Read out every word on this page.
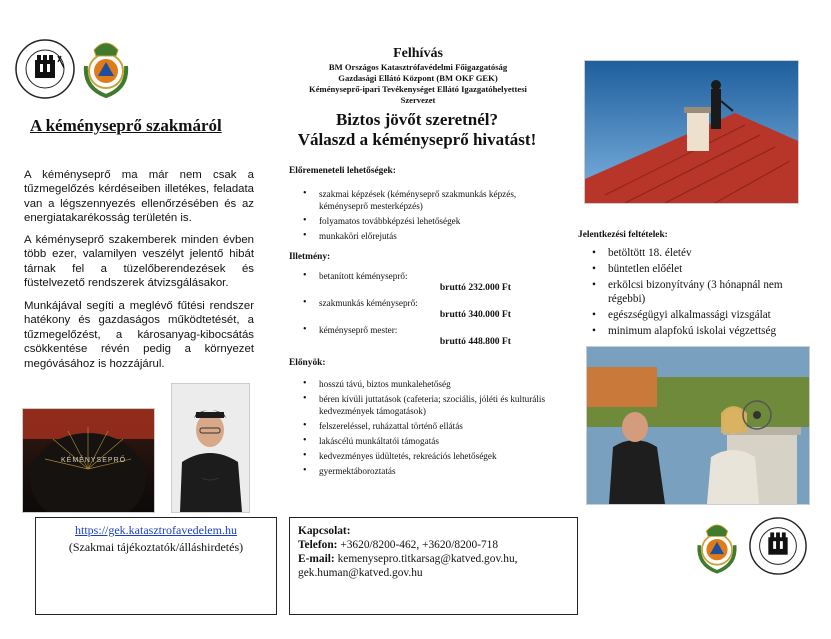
A kéményseprő szakmáról
A kéményseprő ma már nem csak a tűzmegelőzés kérdéseiben illetékes, feladata van a légszennyezés ellenőrzésében és az energiatakarékosság területén is.
A kéményseprő szakemberek minden évben több ezer, valamilyen veszélyt jelentő hibát tárnak fel a tüzelőberendezések és füstelvezető rendszerek átvizsgálásakor.
Munkájával segíti a meglévő fűtési rendszer hatékony és gazdaságos működtetését, a tűzmegelőzést, a károsanyag-kibocsátás csökkentése révén pedig a környezet megóvásához is hozzájárul.
KÉMÉNYSEPRŐ
https://gek.katasztrofavedelem.hu
(Szakmai tájékoztatók/álláshirdetés)
Felhívás
BM Országos Katasztrófavédelmi Főigazgatóság
Gazdasági Ellátó Központ (BM OKF GEK)
Kéményseprő-ipari Tevékenységet Ellátó Igazgatóhelyettesi
Szervezet
Biztos jövőt szeretnél?
Válaszd a kéményseprő hivatást!
Előremeneteli lehetőségek:
• szakmai képzések (kéményseprő szakmunkás képzés, kéményseprő mesterképzés)
• folyamatos továbbképzési lehetőségek
• munkaköri előrejutás
Illetmény:
• betanított kéményseprő:
bruttó 232.000 Ft
• szakmunkás kéményseprő:
bruttó 340.000 Ft
• kéményseprő mester:
bruttó 448.800 Ft
Előnyök:
• hosszú távú, biztos munkalehetőség
• béren kívüli juttatások (cafeteria; szociális, jóléti és kulturális kedvezmények támogatások)
• felszereléssel, ruházattal történő ellátás
• lakáscélú munkáltatói támogatás
• kedvezményes üdültetés, rekreációs lehetőségek
• gyermektáboroztatás
Kapcsolat:
Telefon: +3620/8200-462, +3620/8200-718
E-mail: kemenyseprο.titkarsag@katved.gov.hu,
gek.human@katved.gov.hu
Jelentkezési feltételek:
• betöltött 18. életév
• büntetlen előélet
• erkölcsi bizonyítvány (3 hónapnál nem régebbi)
• egészségügyi alkalmassági vizsgálat
• minimum alapfokú iskolai végzettség
